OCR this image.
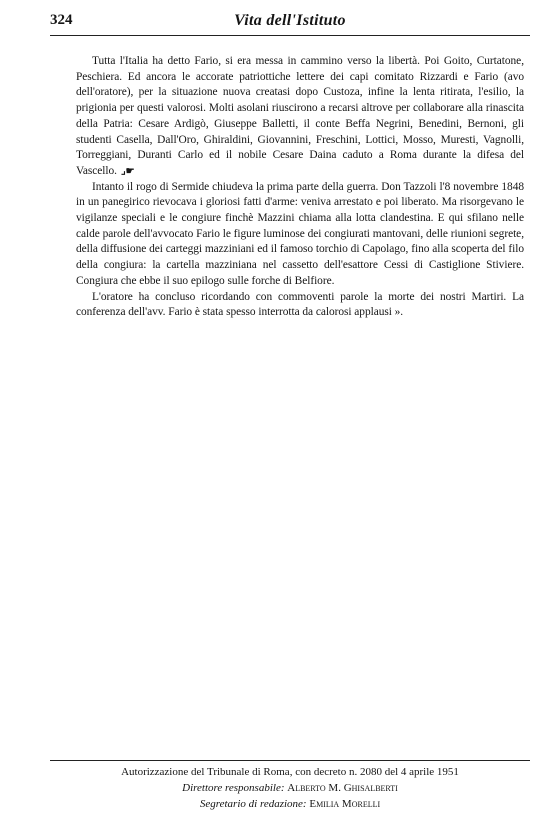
324	Vita dell'Istituto

Tutta l'Italia ha detto Fario, si era messa in cammino verso la libertà. Poi Goito, Curtatone, Peschiera. Ed ancora le accorate patriottiche lettere dei capi comitato Rizzardi e Fario (avo dell'oratore), per la situazione nuova creatasi dopo Custoza, infine la lenta ritirata, l'esilio, la prigionia per questi valorosi. Molti asolani riuscirono a recarsi altrove per collaborare alla rinascita della Patria: Cesare Ardigò, Giuseppe Balletti, il conte Beffa Negrini, Benedini, Bernoni, gli studenti Casella, Dall'Oro, Ghiraldini, Giovannini, Freschini, Lottici, Mosso, Muresti, Vagnolli, Torreggiani, Duranti Carlo ed il nobile Cesare Daina caduto a Roma durante la difesa del Vascello. ⌟☛

Intanto il rogo di Sermide chiudeva la prima parte della guerra. Don Tazzoli l'8 novembre 1848 in un panegirico rievocava i gloriosi fatti d'arme: veniva arrestato e poi liberato. Ma risorgevano le vigilanze speciali e le congiure finchè Mazzini chiama alla lotta clandestina. E qui sfilano nelle calde parole dell'avvocato Fario le figure luminose dei congiurati mantovani, delle riunioni segrete, della diffusione dei carteggi mazziniani ed il famoso torchio di Capolago, fino alla scoperta del filo della congiura: la cartella mazziniana nel cassetto dell'esattore Cessi di Castiglione Stiviere. Congiura che ebbe il suo epilogo sulle forche di Belfiore.

L'oratore ha concluso ricordando con commoventi parole la morte dei nostri Martiri. La conferenza dell'avv. Fario è stata spesso interrotta da calorosi applausi ».

Autorizzazione del Tribunale di Roma, con decreto n. 2080 del 4 aprile 1951
Direttore responsabile: Alberto M. Ghisalberti
Segretario di redazione: Emilia Morelli
